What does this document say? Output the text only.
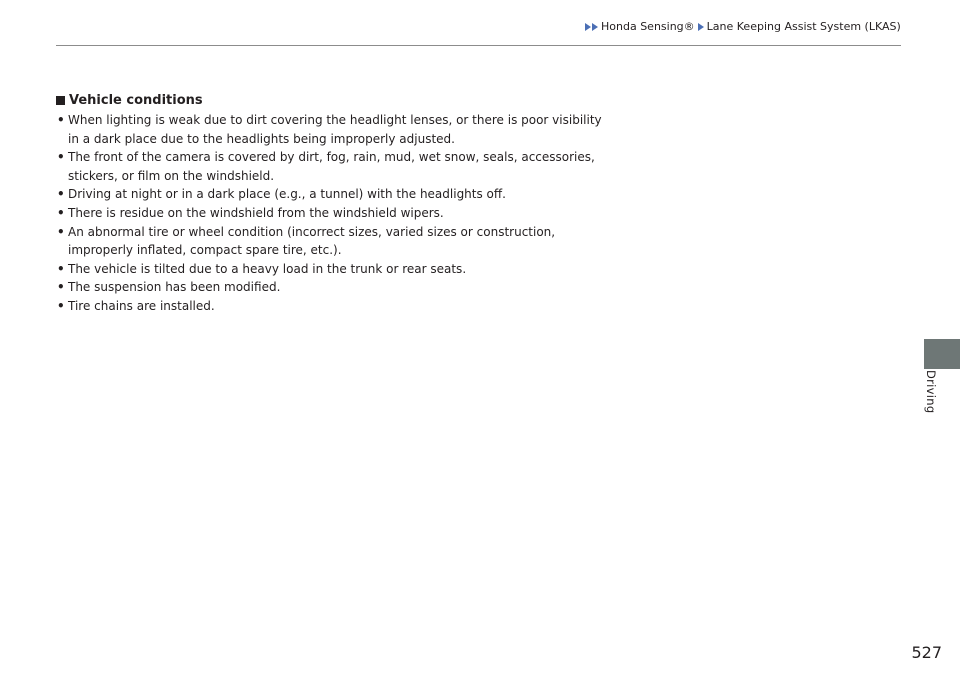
Honda Sensing® Lane Keeping Assist System (LKAS)
Vehicle conditions
• When lighting is weak due to dirt covering the headlight lenses, or there is poor visibility in a dark place due to the headlights being improperly adjusted.
• The front of the camera is covered by dirt, fog, rain, mud, wet snow, seals, accessories, stickers, or film on the windshield.
• Driving at night or in a dark place (e.g., a tunnel) with the headlights off.
• There is residue on the windshield from the windshield wipers.
• An abnormal tire or wheel condition (incorrect sizes, varied sizes or construction, improperly inflated, compact spare tire, etc.).
• The vehicle is tilted due to a heavy load in the trunk or rear seats.
• The suspension has been modified.
• Tire chains are installed.
Driving
527
